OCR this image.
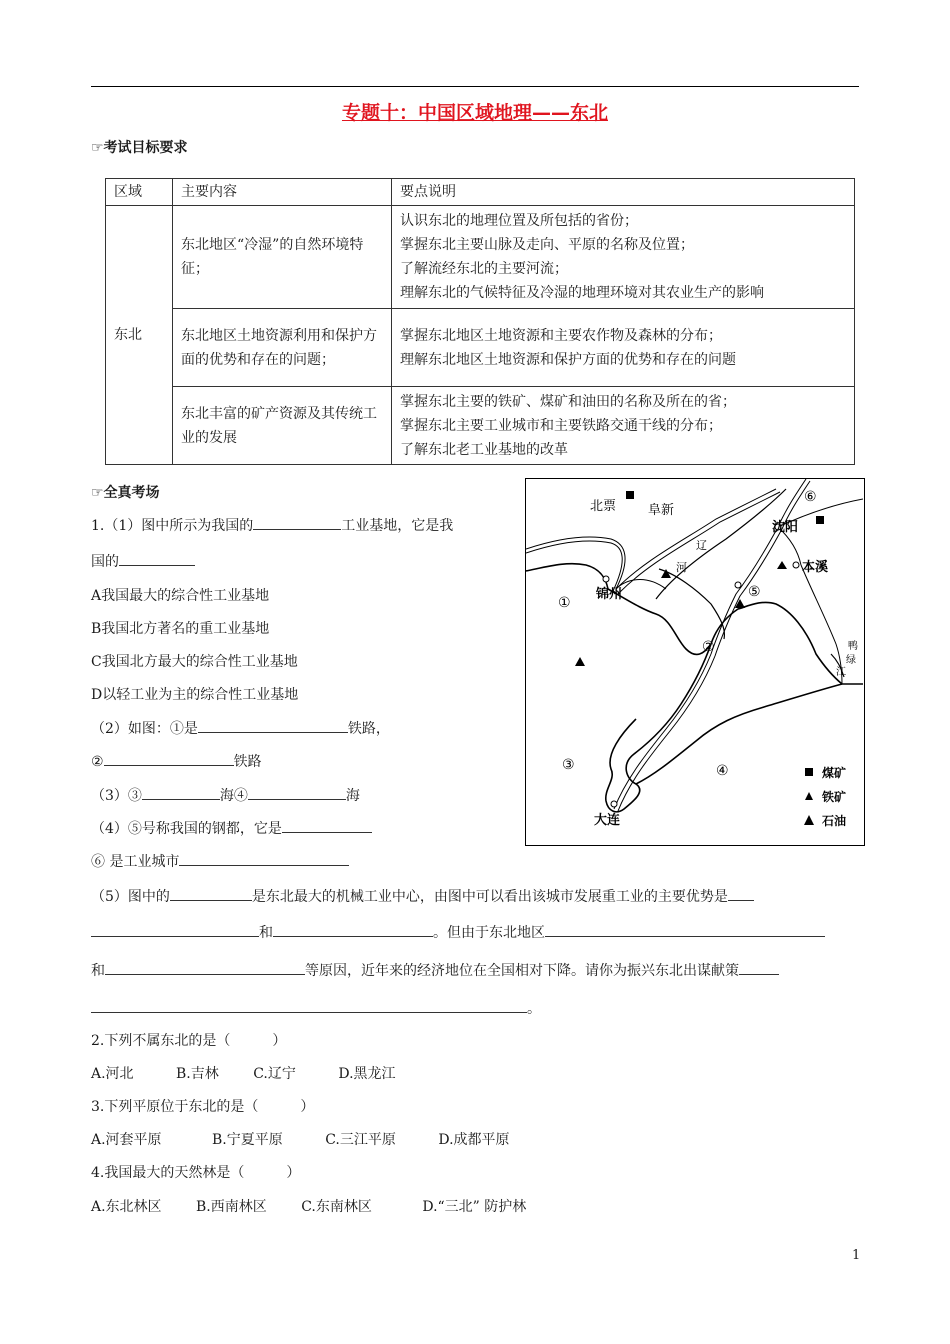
专题十：中国区域地理——东北
☞考试目标要求
区域	主要内容	要点说明
东北	东北地区“冷湿”的自然环境特征；	认识东北的地理位置及所包括的省份；
掌握东北主要山脉及走向、平原的名称及位置；
了解流经东北的主要河流；
理解东北的气候特征及冷湿的地理环境对其农业生产的影响

	东北地区土地资源利用和保护方面的优势和存在的问题；	掌握东北地区土地资源和主要农作物及森林的分布；
理解东北地区土地资源和保护方面的优势和存在的问题

	东北丰富的矿产资源及其传统工业的发展	掌握东北主要的铁矿、煤矿和油田的名称及所在的省；
掌握东北主要工业城市和主要铁路交通干线的分布；
了解东北老工业基地的改革
☞全真考场
1.（1）图中所示为我国的	工业基地，它是我
国的
A我国最大的综合性工业基地
B我国北方著名的重工业基地
C我国北方最大的综合性工业基地
D以轻工业为主的综合性工业基地
（2）如图：①是	铁路，
②	铁路
（3）③	海④	海
（4）⑤号称我国的钢都，它是
⑥ 是工业城市
（5）图中的	是东北最大的机械工业中心，由图中可以看出该城市发展重工业的主要优势是
和	。但由于东北地区
和	等原因，近年来的经济地位在全国相对下降。请你为振兴东北出谋献策
。
2.下列不属东北的是（　　　）
A.河北	B.吉林 C.辽宁	D.黑龙江
3.下列平原位于东北的是（　　　）
A.河套平原	B.宁夏平原	C.三江平原	D.成都平原
4.我国最大的天然林是（　　　）
A.东北林区 B.西南林区 C.东南林区	D.“三北” 防护林
北票 阜新
沈阳
本溪
锦州
大连
辽
河
鸭
绿
江
⑥
①
⑤
②
③	④	煤矿
铁矿
石油
1
